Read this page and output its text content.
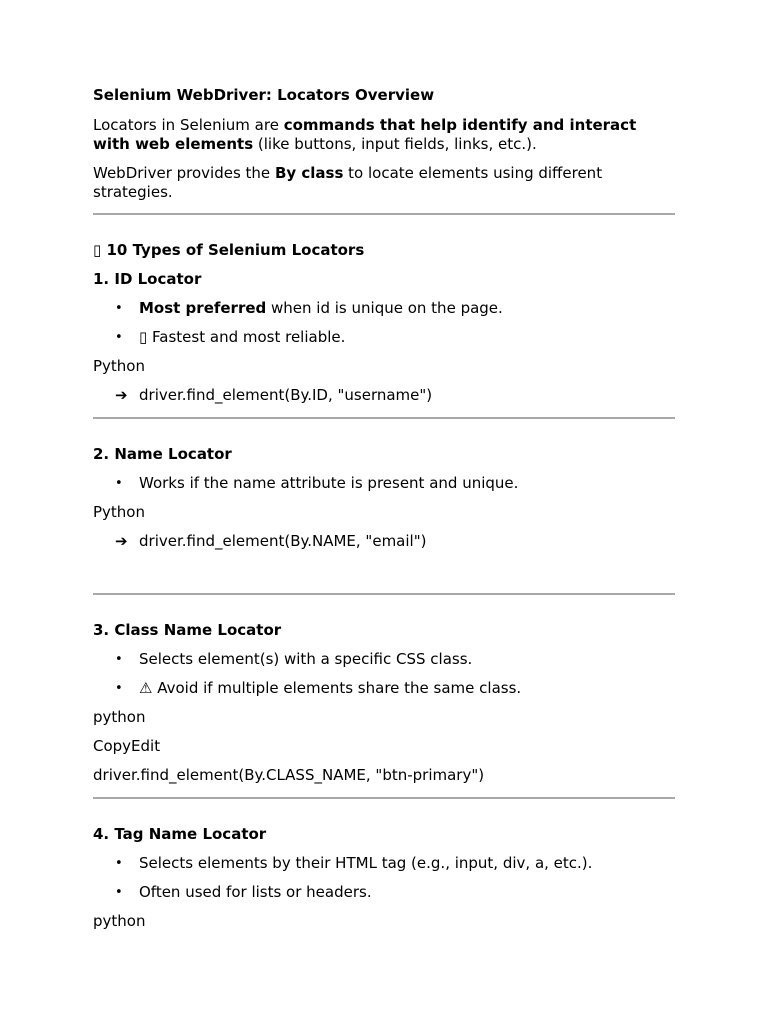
Selenium WebDriver: Locators Overview

Locators in Selenium are commands that help identify and interact with web elements (like buttons, input fields, links, etc.).

WebDriver provides the By class to locate elements using different strategies.

▯ 10 Types of Selenium Locators
1. ID Locator
• Most preferred when id is unique on the page.
• ▯ Fastest and most reliable.

Python

➔ driver.find_element(By.ID, "username")
2. Name Locator
• Works if the name attribute is present and unique.

Python

➔ driver.find_element(By.NAME, "email")
3. Class Name Locator
• Selects element(s) with a specific CSS class.
• ⚠ Avoid if multiple elements share the same class.

python

CopyEdit

driver.find_element(By.CLASS_NAME, "btn-primary")

4. Tag Name Locator
• Selects elements by their HTML tag (e.g., input, div, a, etc.).
• Often used for lists or headers.

python
